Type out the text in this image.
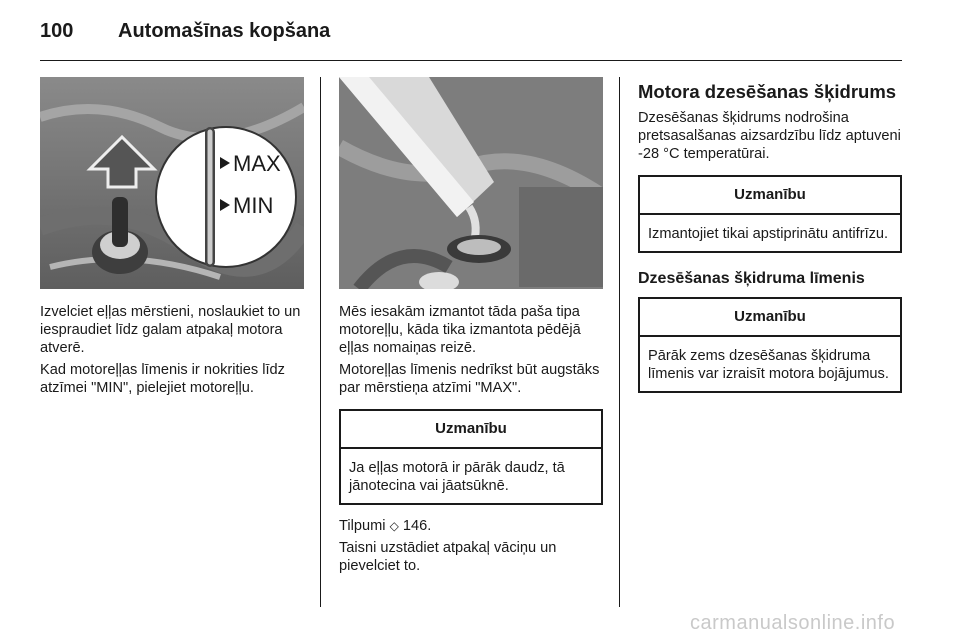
100 Automašīnas kopšana
MAX
MIN

Izvelciet eļļas mērstieni, noslaukiet to un iespraudiet līdz galam atpakaļ motora atverē.

Kad motoreļļas līmenis ir nokrities līdz atzīmei "MIN", pielejiet motoreļļu.

Mēs iesakām izmantot tāda paša tipa motoreļļu, kāda tika izmantota pēdējā eļļas nomaiņas reizē.

Motoreļļas līmenis nedrīkst būt augstāks par mērstieņa atzīmi "MAX".

Uzmanību
Ja eļļas motorā ir pārāk daudz, tā jānotecina vai jāatsūknē.

Tilpumi ◇ 146.

Taisni uzstādiet atpakaļ vāciņu un pievelciet to.

Motora dzesēšanas šķidrums

Dzesēšanas šķidrums nodrošina pretsasalšanas aizsardzību līdz aptuveni -28 °C temperatūrai.

Uzmanību
Izmantojiet tikai apstiprinātu antifrīzu.
Dzesēšanas šķidruma līmenis
Uzmanību
Pārāk zems dzesēšanas šķidruma līmenis var izraisīt motora bojājumus.
carmanualsonline.info
